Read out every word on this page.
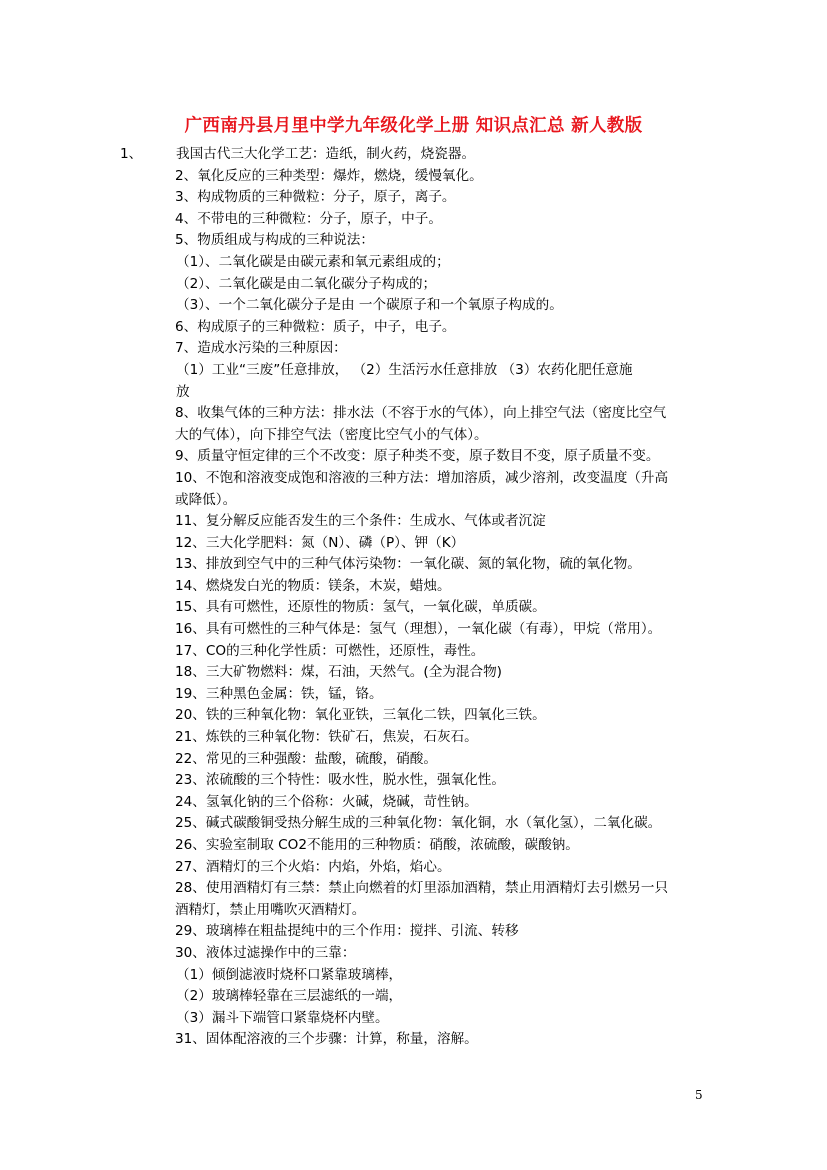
广西南丹县月里中学九年级化学上册 知识点汇总 新人教版
1、 我国古代三大化学工艺：造纸，制火药，烧瓷器。
2、氧化反应的三种类型：爆炸，燃烧，缓慢氧化。
3、构成物质的三种微粒：分子，原子，离子。
4、不带电的三种微粒：分子，原子，中子。
5、物质组成与构成的三种说法：
（1）、二氧化碳是由碳元素和氧元素组成的；
（2）、二氧化碳是由二氧化碳分子构成的；
（3）、一个二氧化碳分子是由 一个碳原子和一个氧原子构成的。
6、构成原子的三种微粒：质子，中子，电子。
7、造成水污染的三种原因：
（1）工业“三废”任意排放， （2）生活污水任意排放 （3）农药化肥任意施
放
8、收集气体的三种方法：排水法（不容于水的气体），向上排空气法（密度比空气
大的气体），向下排空气法（密度比空气小的气体）。
9、质量守恒定律的三个不改变：原子种类不变，原子数目不变，原子质量不变。
10、不饱和溶液变成饱和溶液的三种方法：增加溶质，减少溶剂，改变温度（升高
或降低）。
11、复分解反应能否发生的三个条件：生成水、气体或者沉淀
12、三大化学肥料：氮（N）、磷（P）、钾（K）
13、排放到空气中的三种气体污染物：一氧化碳、氮的氧化物，硫的氧化物。
14、燃烧发白光的物质：镁条，木炭，蜡烛。
15、具有可燃性，还原性的物质：氢气，一氧化碳，单质碳。
16、具有可燃性的三种气体是：氢气（理想），一氧化碳（有毒），甲烷（常用）。
17、CO的三种化学性质：可燃性，还原性，毒性。
18、三大矿物燃料：煤，石油，天然气。(全为混合物)
19、三种黑色金属：铁，锰，铬。
20、铁的三种氧化物：氧化亚铁，三氧化二铁，四氧化三铁。
21、炼铁的三种氧化物：铁矿石，焦炭，石灰石。
22、常见的三种强酸：盐酸，硫酸，硝酸。
23、浓硫酸的三个特性：吸水性，脱水性，强氧化性。
24、氢氧化钠的三个俗称：火碱，烧碱，苛性钠。
25、碱式碳酸铜受热分解生成的三种氧化物：氧化铜，水（氧化氢），二氧化碳。
26、实验室制取 CO2不能用的三种物质：硝酸，浓硫酸，碳酸钠。
27、酒精灯的三个火焰：内焰，外焰，焰心。
28、使用酒精灯有三禁：禁止向燃着的灯里添加酒精，禁止用酒精灯去引燃另一只
酒精灯，禁止用嘴吹灭酒精灯。
29、玻璃棒在粗盐提纯中的三个作用：搅拌、引流、转移
30、液体过滤操作中的三靠：
（1）倾倒滤液时烧杯口紧靠玻璃棒，
（2）玻璃棒轻靠在三层滤纸的一端，
（3）漏斗下端管口紧靠烧杯内壁。
31、固体配溶液的三个步骤：计算，称量，溶解。
5
